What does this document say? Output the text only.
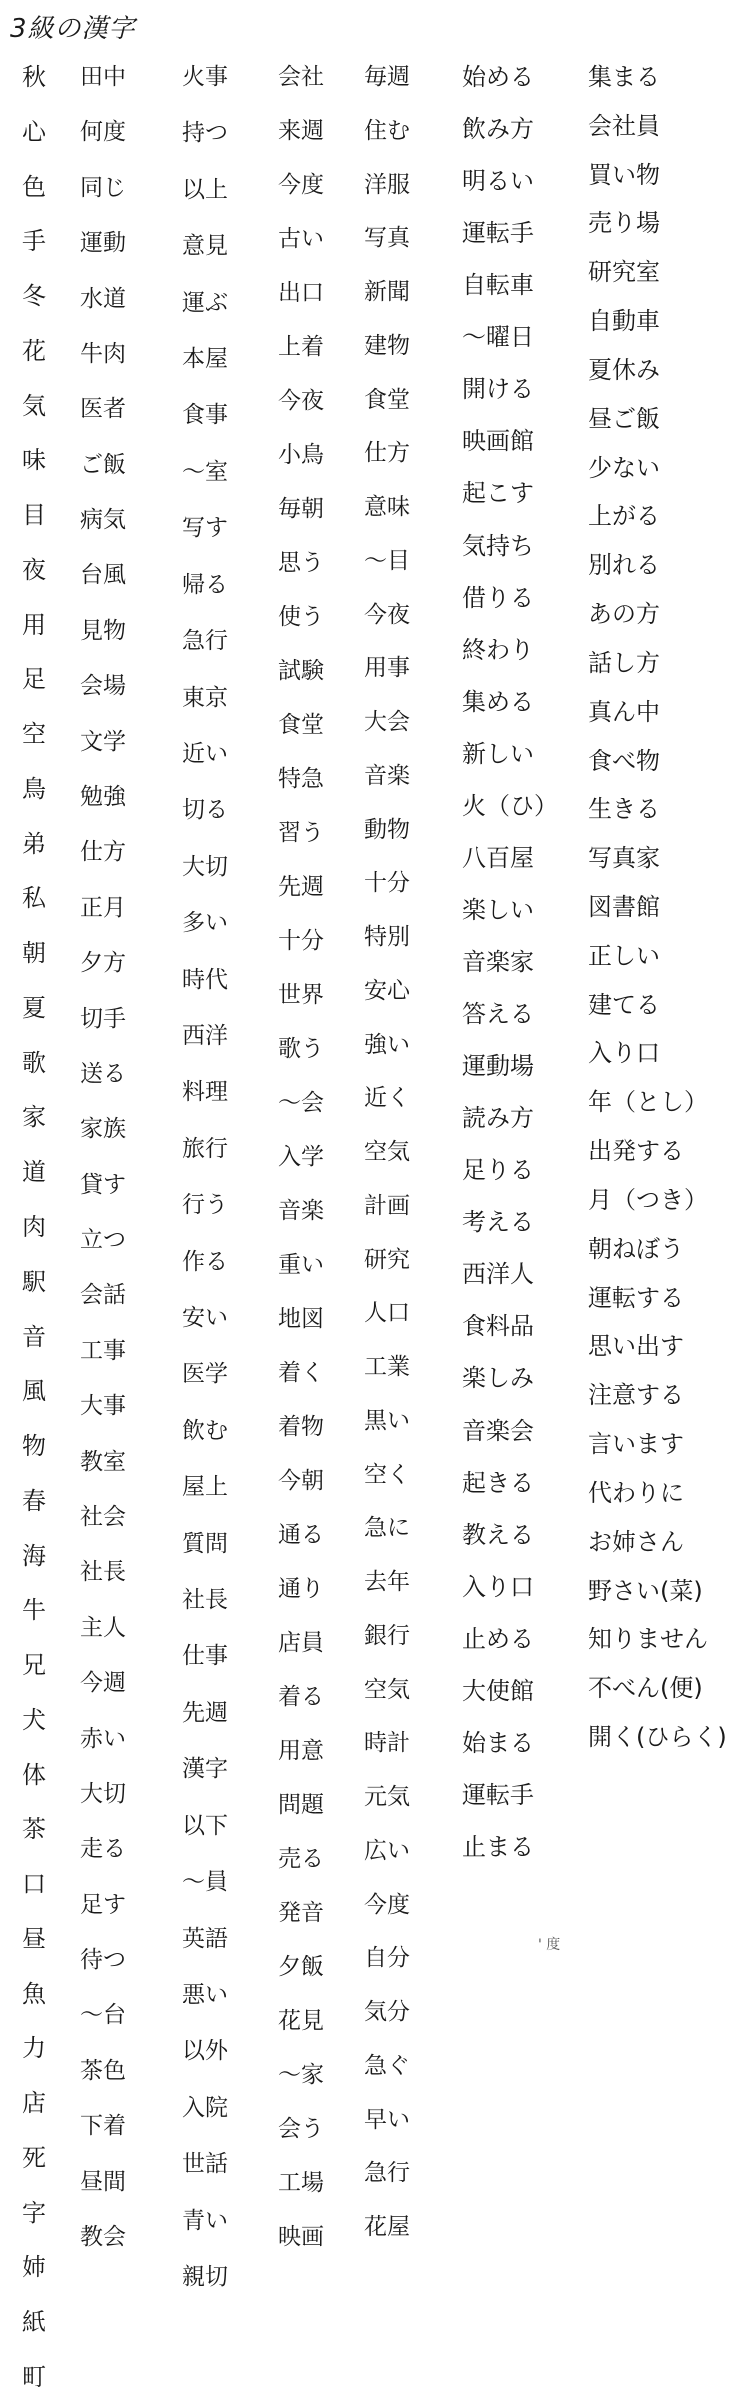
3級の漢字
秋
心
色
手
冬
花
気
味
目
夜
用
足
空
鳥
弟
私
朝
夏
歌
家
道
肉
駅
音
風
物
春
海
牛
兄
犬
体
茶
口
昼
魚
力
店
死
字
姉
紙
町
田中
何度
同じ
運動
水道
牛肉
医者
ご飯
病気
台風
見物
会場
文学
勉強
仕方
正月
夕方
切手
送る
家族
貸す
立つ
会話
工事
大事
教室
社会
社長
主人
今週
赤い
大切
走る
足す
待つ
～台
茶色
下着
昼間
教会
火事
持つ
以上
意見
運ぶ
本屋
食事
～室
写す
帰る
急行
東京
近い
切る
大切
多い
時代
西洋
料理
旅行
行う
作る
安い
医学
飲む
屋上
質問
社長
仕事
先週
漢字
以下
～員
英語
悪い
以外
入院
世話
青い
親切
会社
来週
今度
古い
出口
上着
今夜
小鳥
毎朝
思う
使う
試験
食堂
特急
習う
先週
十分
世界
歌う
～会
入学
音楽
重い
地図
着く
着物
今朝
通る
通り
店員
着る
用意
問題
売る
発音
夕飯
花見
～家
会う
工場
映画
毎週
住む
洋服
写真
新聞
建物
食堂
仕方
意味
～目
今夜
用事
大会
音楽
動物
十分
特別
安心
強い
近く
空気
計画
研究
人口
工業
黒い
空く
急に
去年
銀行
空気
時計
元気
広い
今度
自分
気分
急ぐ
早い
急行
花屋
始める
飲み方
明るい
運転手
自転車
～曜日
開ける
映画館
起こす
気持ち
借りる
終わり
集める
新しい
火（ひ）
八百屋
楽しい
音楽家
答える
運動場
読み方
足りる
考える
西洋人
食料品
楽しみ
音楽会
起きる
教える
入り口
止める
大使館
始まる
運転手
止まる
集まる
会社員
買い物
売り場
研究室
自動車
夏休み
昼ご飯
少ない
上がる
別れる
あの方
話し方
真ん中
食べ物
生きる
写真家
図書館
正しい
建てる
入り口
年（とし）
出発する
月（つき）
朝ねぼう
運転する
思い出す
注意する
言います
代わりに
お姉さん
野さい(菜)
知りません
不べん(便)
開く(ひらく)
' 度
